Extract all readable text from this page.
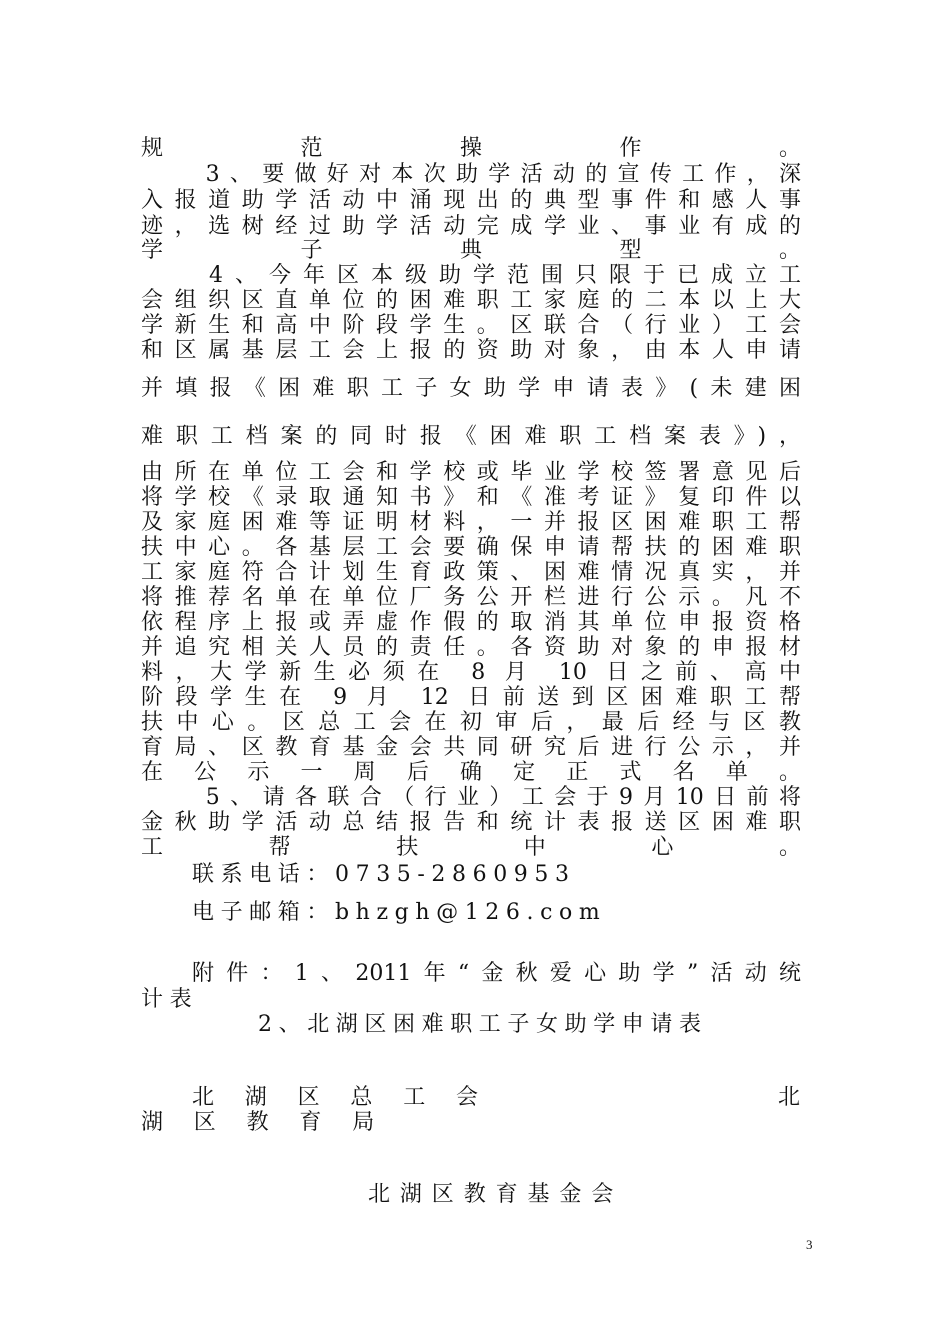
规范操作。
　　3、要做好对本次助学活动的宣传工作，深
入报道助学活动中涌现出的典型事件和感人事
迹，选树经过助学活动完成学业、事业有成的
学子典型。
　　4、今年区本级助学范围只限于已成立工
会组织区直单位的困难职工家庭的二本以上大
学新生和高中阶段学生。区联合（行业）工会
和区属基层工会上报的资助对象，由本人申请
并填报《困难职工子女助学申请表》(未建困
难职工档案的同时报《困难职工档案表》)，
由所在单位工会和学校或毕业学校签署意见后
将学校《录取通知书》和《准考证》复印件以
及家庭困难等证明材料，一并报区困难职工帮
扶中心。各基层工会要确保申请帮扶的困难职
工家庭符合计划生育政策、困难情况真实，并
将推荐名单在单位厂务公开栏进行公示。凡不
依程序上报或弄虚作假的取消其单位申报资格
并追究相关人员的责任。各资助对象的申报材
料，大学新生必须在 8 月 10 日之前、高中
阶段学生在 9 月 12 日前送到区困难职工帮
扶中心。区总工会在初审后，最后经与区教
育局、区教育基金会共同研究后进行公示，并
在公示一周后确定正式名单。
　　5、请各联合（行业）工会于9月10日前将
金秋助学活动总结报告和统计表报送区困难职
工帮扶中心。
联系电话：0735-2860953
电子邮箱：bhzgh@126.com
附件：1、2011年“金秋爱心助学”活动统
计表
2、北湖区困难职工子女助学申请表
北　湖　区　总　工　会	北
湖　区　教　育　局
北湖区教育基金会
3
